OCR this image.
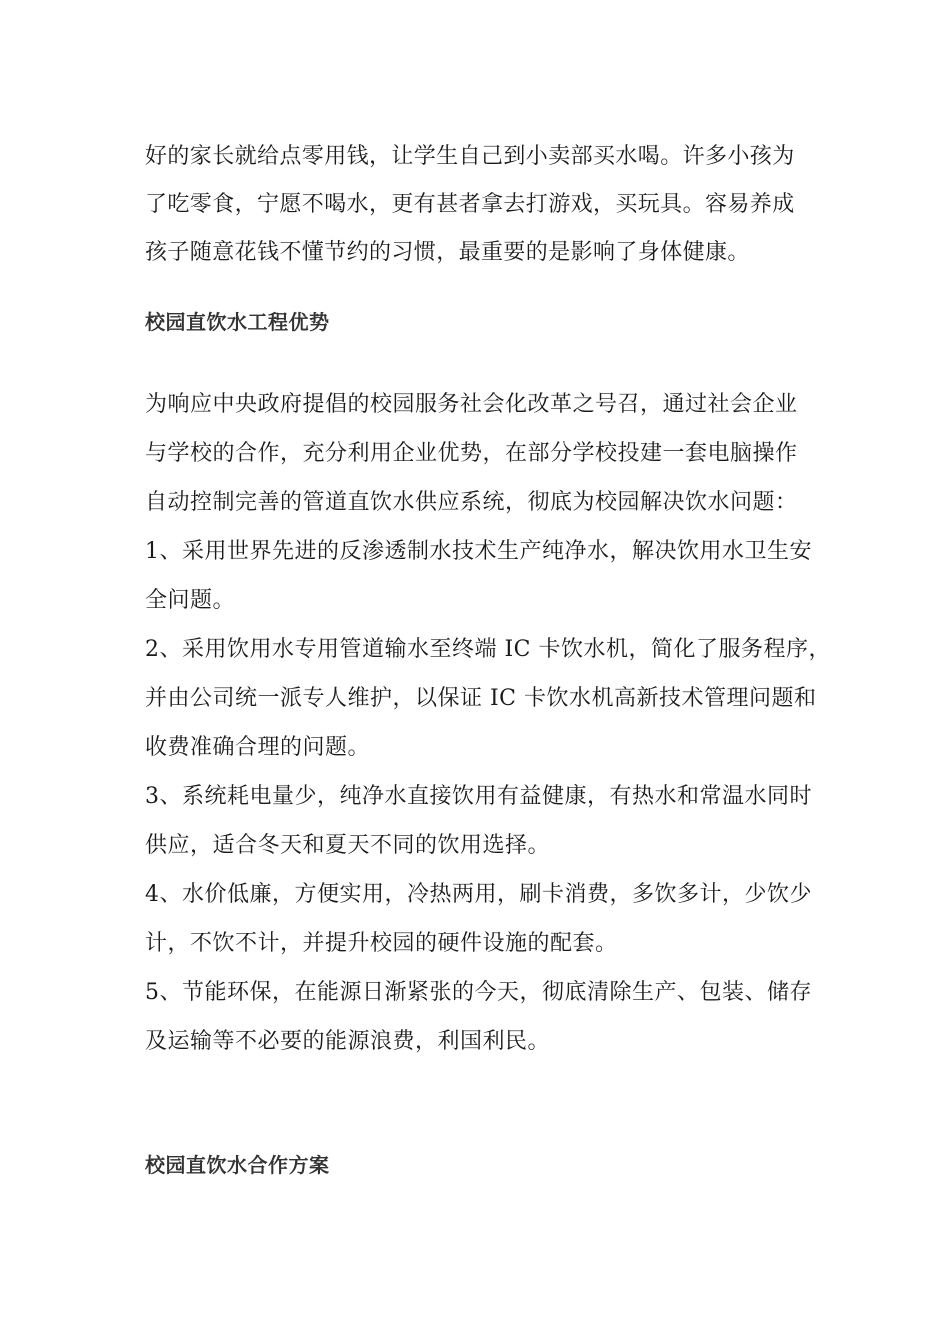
好的家长就给点零用钱，让学生自己到小卖部买水喝。许多小孩为
了吃零食，宁愿不喝水，更有甚者拿去打游戏，买玩具。容易养成
孩子随意花钱不懂节约的习惯，最重要的是影响了身体健康。

校园直饮水工程优势

为响应中央政府提倡的校园服务社会化改革之号召，通过社会企业
与学校的合作，充分利用企业优势，在部分学校投建一套电脑操作
自动控制完善的管道直饮水供应系统，彻底为校园解决饮水问题：

1、采用世界先进的反渗透制水技术生产纯净水，解决饮用水卫生安
全问题。

2、采用饮用水专用管道输水至终端 IC 卡饮水机，简化了服务程序，
并由公司统一派专人维护，以保证 IC 卡饮水机高新技术管理问题和
收费准确合理的问题。

3、系统耗电量少，纯净水直接饮用有益健康，有热水和常温水同时
供应，适合冬天和夏天不同的饮用选择。

4、水价低廉，方便实用，冷热两用，刷卡消费，多饮多计，少饮少
计，不饮不计，并提升校园的硬件设施的配套。

5、节能环保，在能源日渐紧张的今天，彻底清除生产、包装、储存
及运输等不必要的能源浪费，利国利民。

校园直饮水合作方案
